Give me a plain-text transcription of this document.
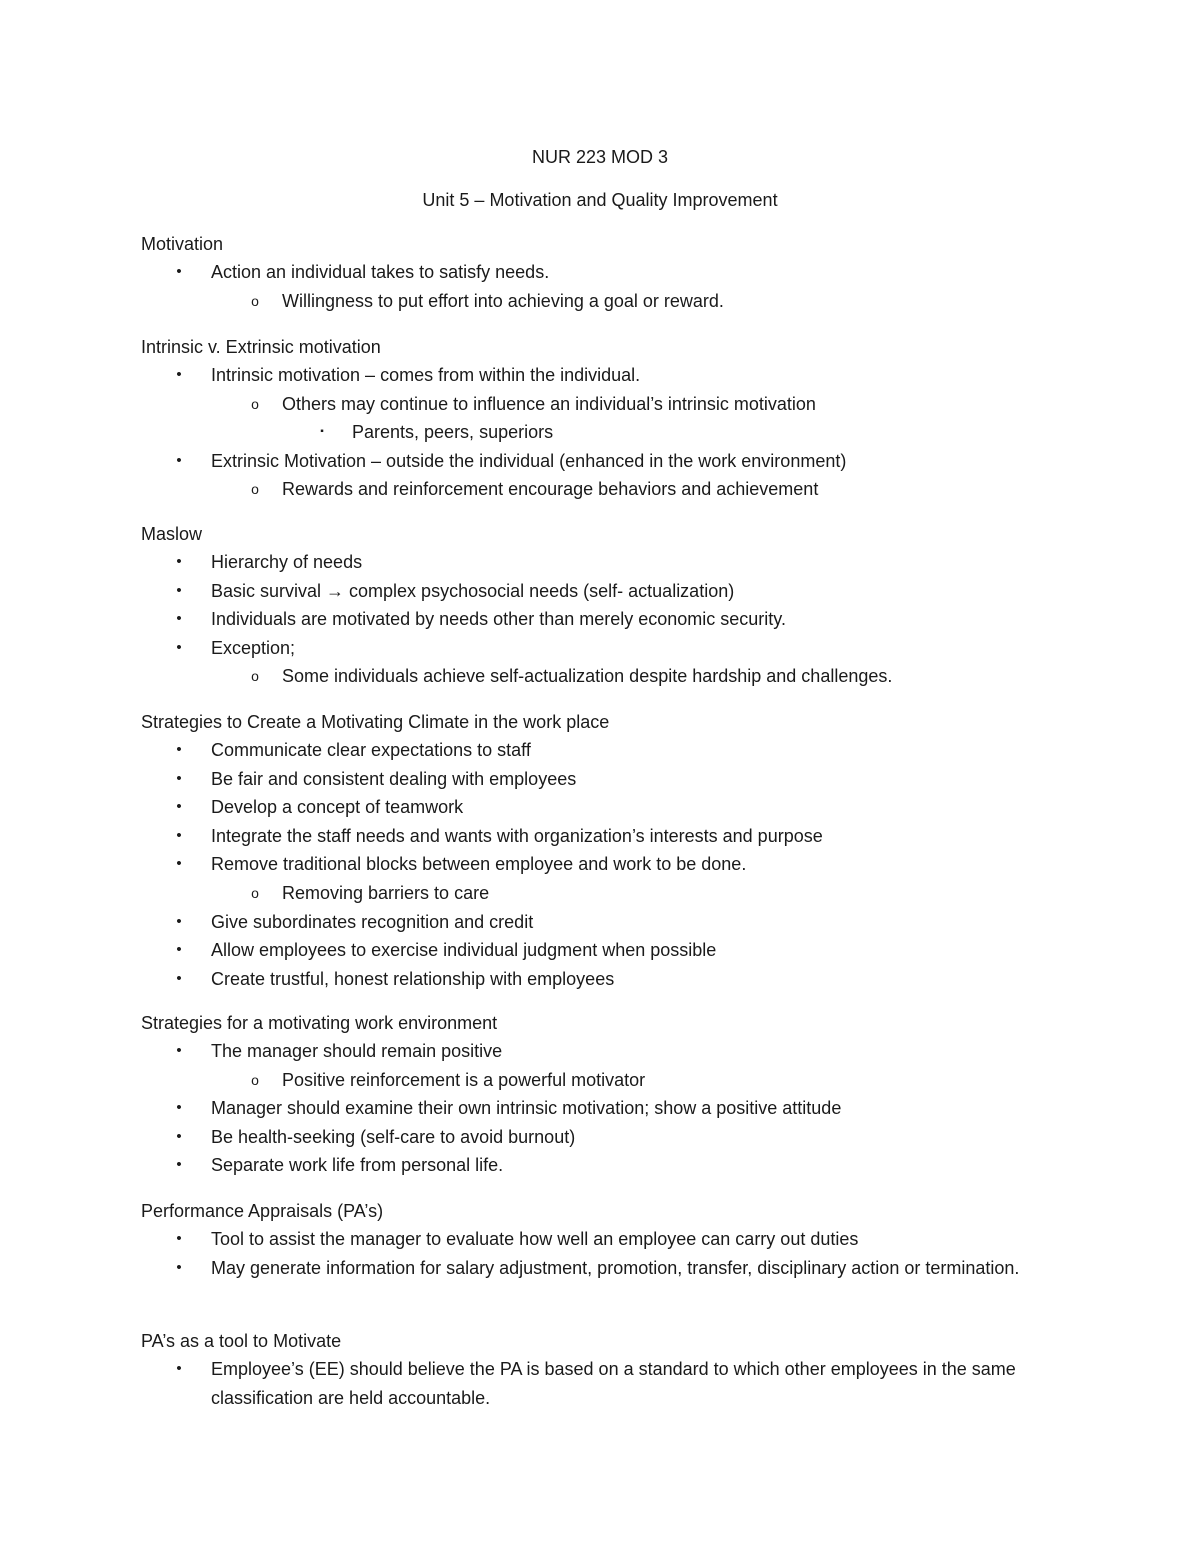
NUR 223 MOD 3
Unit 5 – Motivation and Quality Improvement
Motivation
• Action an individual takes to satisfy needs.
o Willingness to put effort into achieving a goal or reward.
Intrinsic v. Extrinsic motivation
• Intrinsic motivation – comes from within the individual.
o Others may continue to influence an individual’s intrinsic motivation
▪	Parents, peers, superiors
• Extrinsic Motivation – outside the individual (enhanced in the work environment)
o Rewards and reinforcement encourage behaviors and achievement
Maslow
• Hierarchy of needs
• Basic survival → complex psychosocial needs (self- actualization)
• Individuals are motivated by needs other than merely economic security.
• Exception;
o Some individuals achieve self-actualization despite hardship and challenges.
Strategies to Create a Motivating Climate in the work place
• Communicate clear expectations to staff
• Be fair and consistent dealing with employees
• Develop a concept of teamwork
• Integrate the staff needs and wants with organization’s interests and purpose
• Remove traditional blocks between employee and work to be done.
o Removing barriers to care
• Give subordinates recognition and credit
• Allow employees to exercise individual judgment when possible
• Create trustful, honest relationship with employees
Strategies for a motivating work environment
• The manager should remain positive
o Positive reinforcement is a powerful motivator
• Manager should examine their own intrinsic motivation; show a positive attitude
• Be health-seeking (self-care to avoid burnout)
• Separate work life from personal life.
Performance Appraisals (PA’s)
• Tool to assist the manager to evaluate how well an employee can carry out duties
• May generate information for salary adjustment, promotion, transfer, disciplinary action or termination.
PA’s as a tool to Motivate
• Employee’s (EE) should believe the PA is based on a standard to which other employees in the same classification are held accountable.
